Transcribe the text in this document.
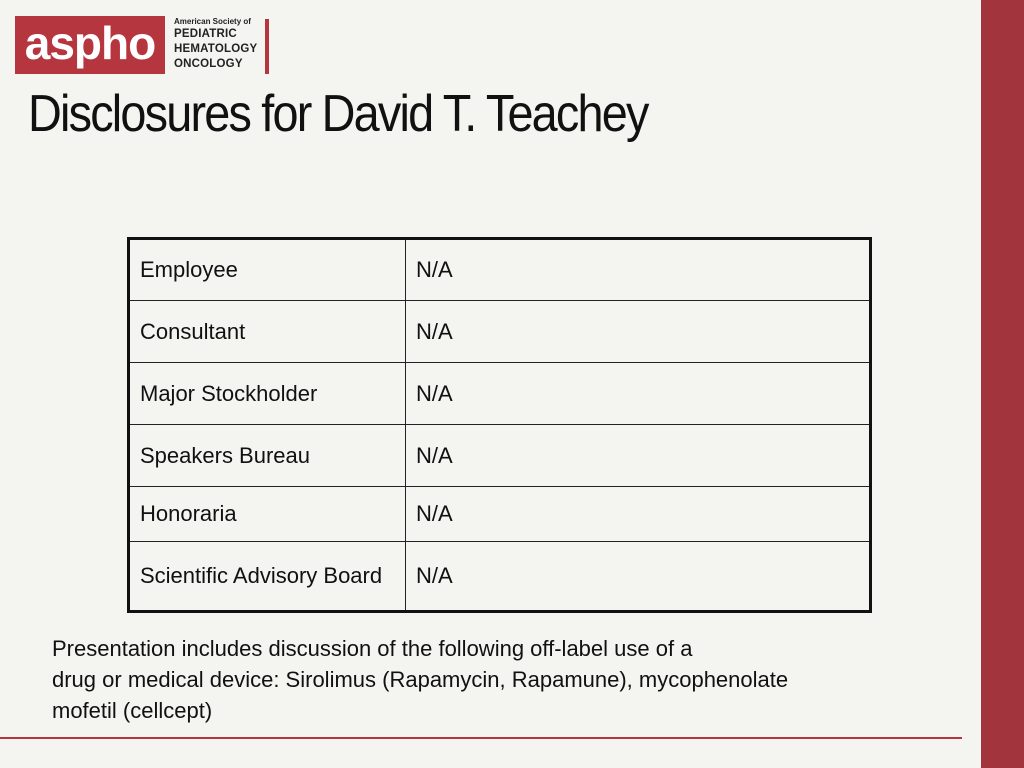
aspho	American Society of
PEDIATRIC
HEMATOLOGY
ONCOLOGY
Disclosures for David T. Teachey
Employee	N/A
Consultant	N/A
Major Stockholder	N/A
Speakers Bureau	N/A
Honoraria	N/A
Scientific Advisory Board	N/A
Presentation includes discussion of the following off-label use of a
drug or medical device: Sirolimus (Rapamycin, Rapamune), mycophenolate
mofetil (cellcept)
